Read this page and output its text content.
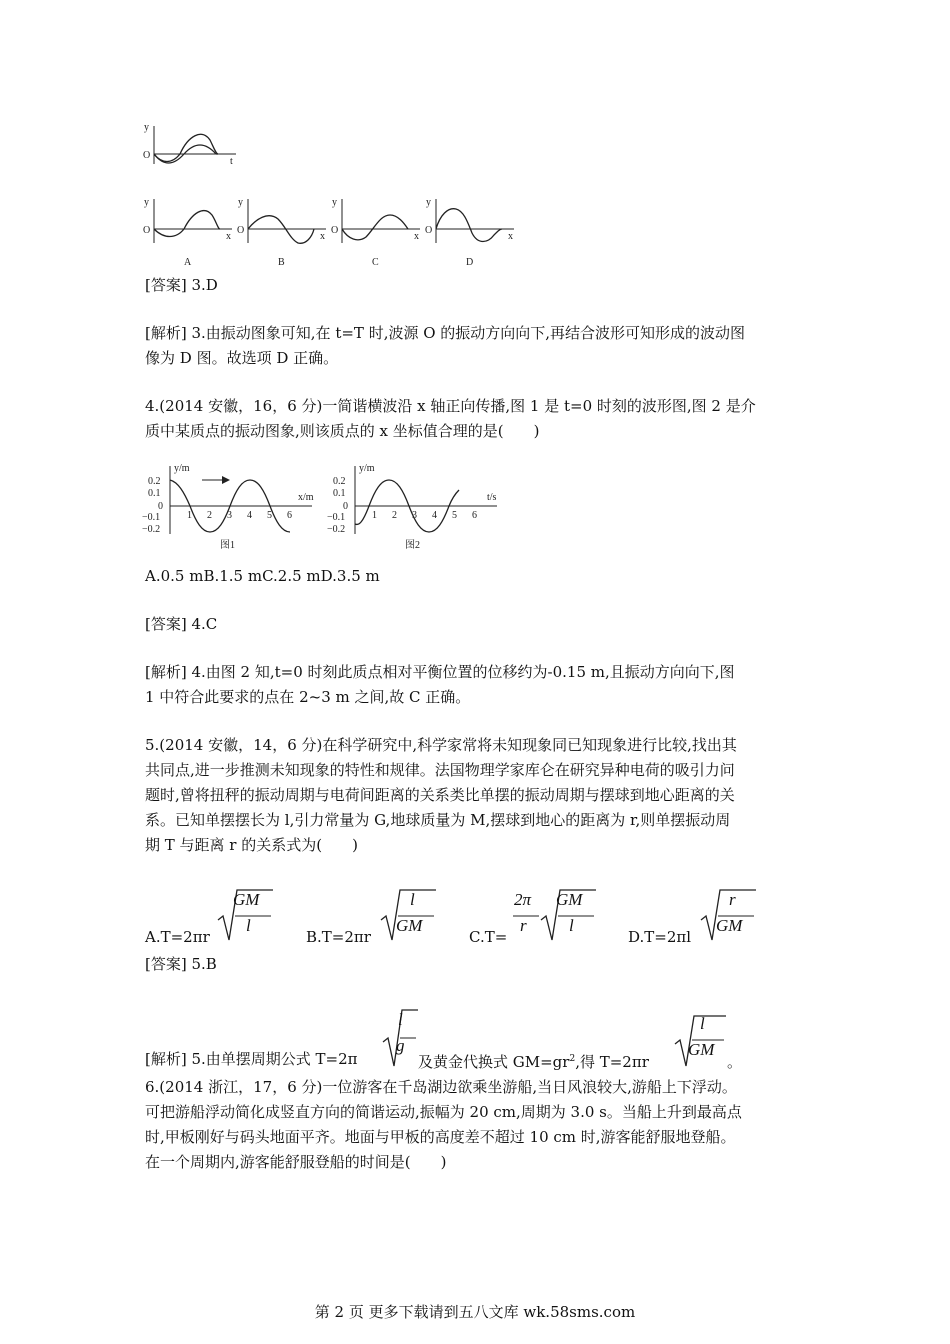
y
O
t
y
O
x
A
y
O
x
B
y
O
x
C
y
O
x
D
[答案] 3.D
[解析] 3.由振动图象可知,在 t=T 时,波源 O 的振动方向向下,再结合波形可知形成的波动图
像为 D 图。故选项 D 正确。
4.(2014 安徽，16，6 分)一简谐横波沿 x 轴正向传播,图 1 是 t=0 时刻的波形图,图 2 是介
质中某质点的振动图象,则该质点的 x 坐标值合理的是(　　)
y/m
x/m
0.2
0.1
0
−0.1
−0.2
1 2 3 4 5 6
图1
y/m
t/s
0.2
0.1
0
−0.1
−0.2
1 2 3 4 5 6
图2
A.0.5 mB.1.5 mC.2.5 mD.3.5 m
[答案] 4.C
[解析] 4.由图 2 知,t=0 时刻此质点相对平衡位置的位移约为-0.15 m,且振动方向向下,图
1 中符合此要求的点在 2~3 m 之间,故 C 正确。
5.(2014 安徽，14，6 分)在科学研究中,科学家常将未知现象同已知现象进行比较,找出其
共同点,进一步推测未知现象的特性和规律。法国物理学家库仑在研究异种电荷的吸引力问
题时,曾将扭秤的振动周期与电荷间距离的关系类比单摆的振动周期与摆球到地心距离的关
系。已知单摆摆长为 l,引力常量为 G,地球质量为 M,摆球到地心的距离为 r,则单摆振动周
期 T 与距离 r 的关系式为(　　)
A.T=2πr
GM
l
B.T=2πr
l
GM
C.T=
2π
r
GM
l
D.T=2πl
r
GM
[答案] 5.B
[解析] 5.由单摆周期公式 T=2π
l
g
及黄金代换式 $GM=gr^2$,得 T=2πr
l
GM
。
6.(2014 浙江，17，6 分)一位游客在千岛湖边欲乘坐游船,当日风浪较大,游船上下浮动。
可把游船浮动简化成竖直方向的简谐运动,振幅为 20 cm,周期为 3.0 s。当船上升到最高点
时,甲板刚好与码头地面平齐。地面与甲板的高度差不超过 10 cm 时,游客能舒服地登船。
在一个周期内,游客能舒服登船的时间是(　　)
第 2 页 更多下载请到五八文库 wk.58sms.com
